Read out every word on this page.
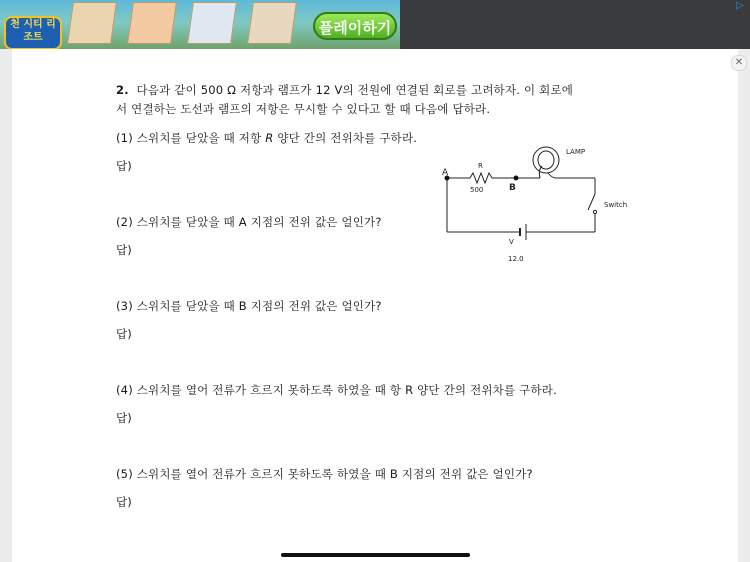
천 시티 리조트
플레이하기
▷
✕
2. 다음과 같이 500 Ω 저항과 램프가 12 V의 전원에 연결된 회로를 고려하자. 이 회로에
서 연결하는 도선과 램프의 저항은 무시할 수 있다고 할 때 다음에 답하라.
(1) 스위치를 닫았을 때 저항 R 양단 간의 전위차를 구하라.
답)
(2) 스위치를 닫았을 때 A 지점의 전위 값은 얼인가?
답)
(3) 스위치를 닫았을 때 B 지점의 전위 값은 얼인가?
답)
(4) 스위치를 열어 전류가 흐르지 못하도록 하였을 때 항 R 양단 간의 전위차를 구하라.
답)
(5) 스위치를 열어 전류가 흐르지 못하도록 하였을 때 B 지점의 전위 값은 얼인가?
답)
A
B
R
500
LAMP
Switch
V
12.0
